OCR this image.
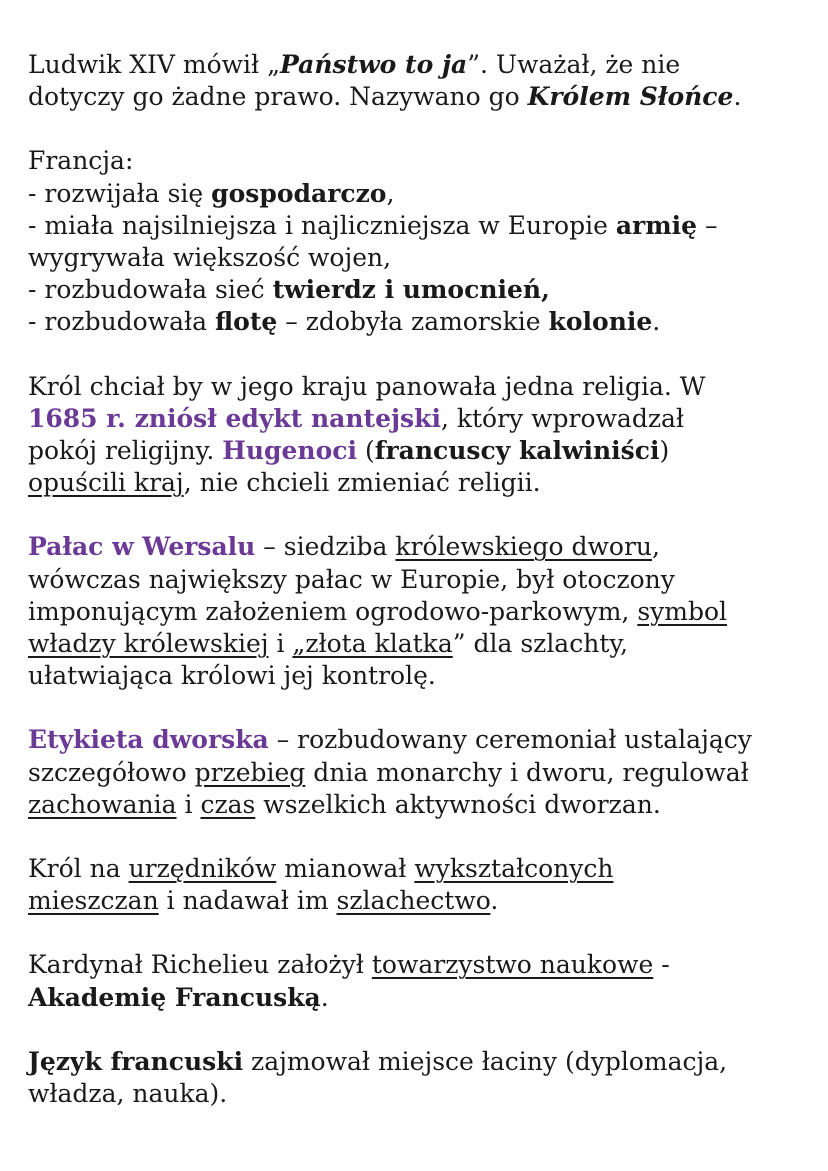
Ludwik XIV mówił „Państwo to ja”. Uważał, że nie
dotyczy go żadne prawo. Nazywano go Królem Słońce.
Francja:
- rozwijała się gospodarczo,
- miała najsilniejsza i najliczniejsza w Europie armię –
wygrywała większość wojen,
- rozbudowała sieć twierdz i umocnień,
- rozbudowała flotę – zdobyła zamorskie kolonie.
Król chciał by w jego kraju panowała jedna religia. W
1685 r. zniósł edykt nantejski, który wprowadzał
pokój religijny. Hugenoci (francuscy kalwiniści)
opuścili kraj, nie chcieli zmieniać religii.
Pałac w Wersalu – siedziba królewskiego dworu,
wówczas największy pałac w Europie, był otoczony
imponującym założeniem ogrodowo-parkowym, symbol
władzy królewskiej i „złota klatka” dla szlachty,
ułatwiająca królowi jej kontrolę.
Etykieta dworska – rozbudowany ceremoniał ustalający
szczegółowo przebieg dnia monarchy i dworu, regulował
zachowania i czas wszelkich aktywności dworzan.
Król na urzędników mianował wykształconych
mieszczan i nadawał im szlachectwo.
Kardynał Richelieu założył towarzystwo naukowe -
Akademię Francuską.
Język francuski zajmował miejsce łaciny (dyplomacja,
władza, nauka).
